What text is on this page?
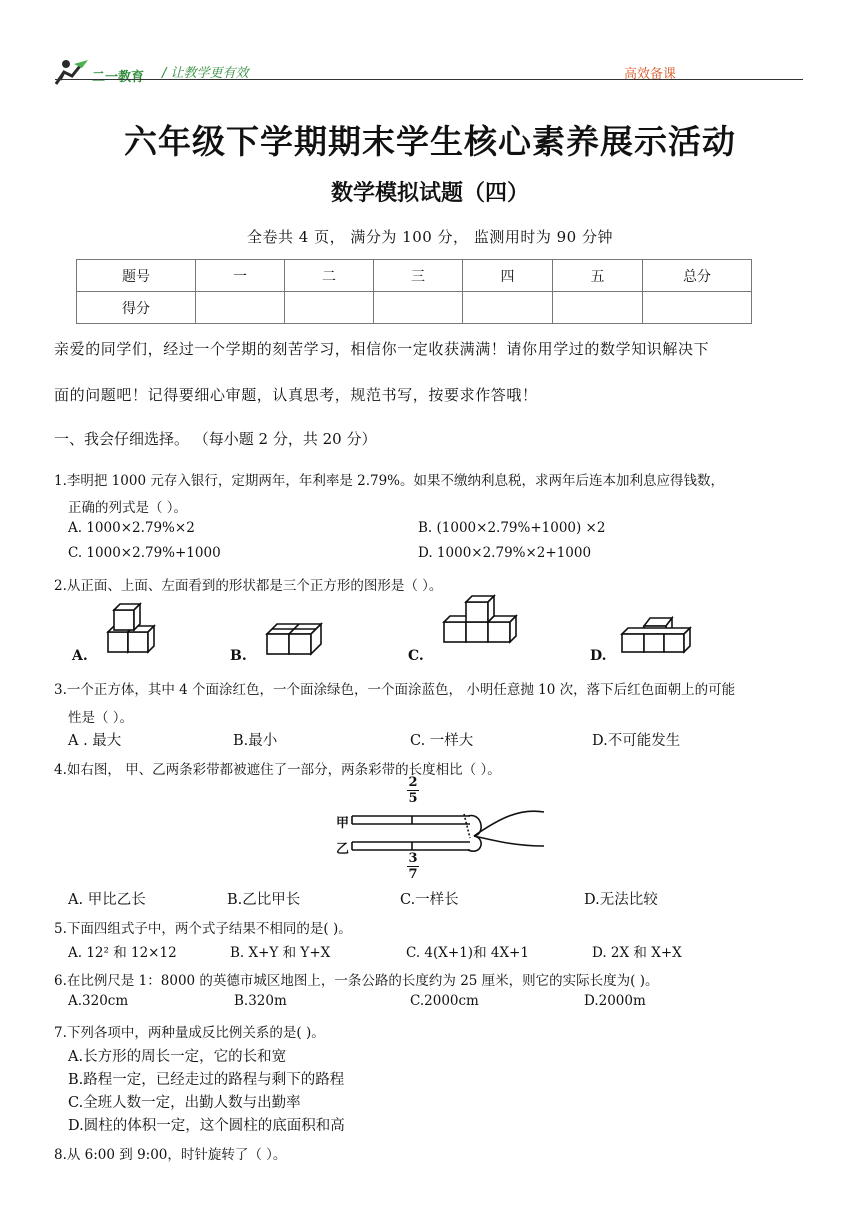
二一教育 / 让教学更有效	高效备课
六年级下学期期末学生核心素养展示活动
数学模拟试题（四）
全卷共 4 页， 满分为 100 分， 监测用时为 90 分钟
题号	一	二	三	四	五	总分
得分						
亲爱的同学们，经过一个学期的刻苦学习，相信你一定收获满满！请你用学过的数学知识解决下
面的问题吧！记得要细心审题，认真思考，规范书写，按要求作答哦！
一、我会仔细选择。 （每小题 2 分，共 20 分）
1.李明把 1000 元存入银行，定期两年，年利率是 2.79%。如果不缴纳利息税，求两年后连本加利息应得钱数，
正确的列式是（ ）。
A. 1000×2.79%×2	B. (1000×2.79%+1000) ×2
C. 1000×2.79%+1000	D. 1000×2.79%×2+1000
2.从正面、上面、左面看到的形状都是三个正方形的图形是（ ）。
A.	B.	C.	D.
3.一个正方体，其中 4 个面涂红色，一个面涂绿色，一个面涂蓝色， 小明任意抛 10 次，落下后红色面朝上的可能
性是（ ）。
A . 最大	B.最小	C. 一样大	D.不可能发生
4.如右图， 甲、乙两条彩带都被遮住了一部分，两条彩带的长度相比（ ）。
甲
乙
2
5
3
7
A. 甲比乙长	B.乙比甲长	C.一样长	D.无法比较
5.下面四组式子中，两个式子结果不相同的是( )。
A. 12² 和 12×12	B. X+Y 和 Y+X	C. 4(X+1)和 4X+1	D. 2X 和 X+X
6.在比例尺是 1：8000 的英德市城区地图上，一条公路的长度约为 25 厘米，则它的实际长度为( )。
A.320cm	B.320m	C.2000cm	D.2000m
7.下列各项中，两种量成反比例关系的是( )。
A.长方形的周长一定，它的长和宽
B.路程一定，已经走过的路程与剩下的路程
C.全班人数一定，出勤人数与出勤率
D.圆柱的体积一定，这个圆柱的底面积和高
8.从 6:00 到 9:00，时针旋转了（ ）。
